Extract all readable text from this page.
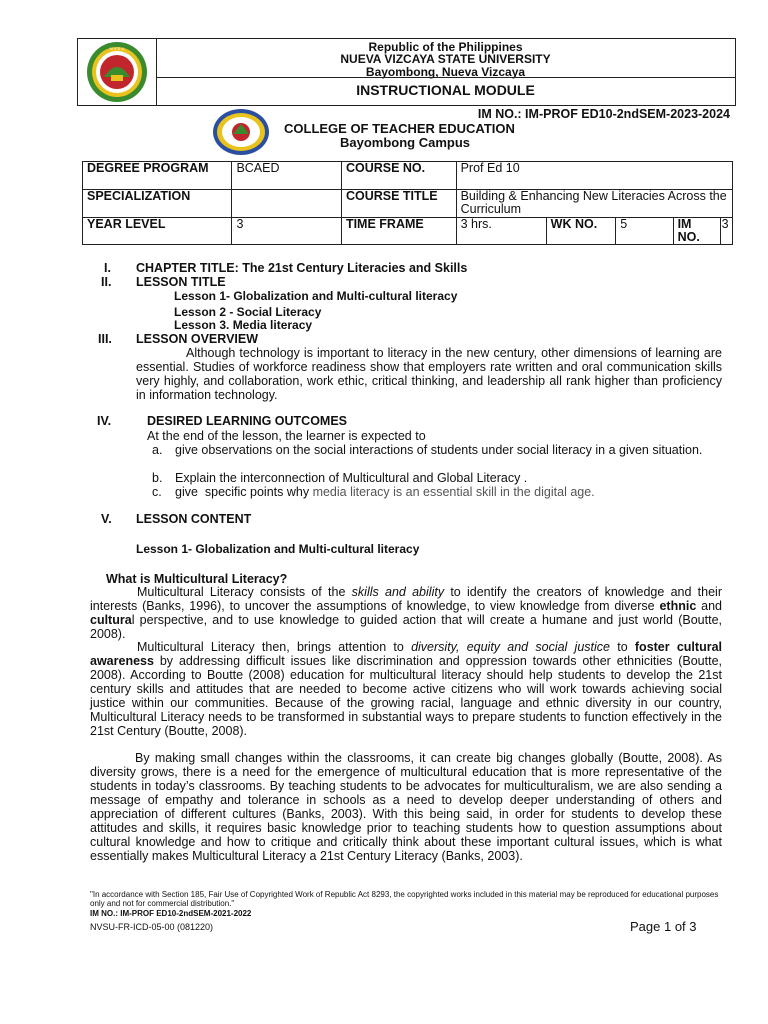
N V S U	Republic of the Philippines
NUEVA VIZCAYA STATE UNIVERSITY
Bayombong, Nueva Vizcaya
INSTRUCTIONAL MODULE
IM NO.: IM-PROF ED10-2ndSEM-2023-2024
COLLEGE OF TEACHER EDUCATION
Bayombong Campus
DEGREE PROGRAM	BCAED	COURSE NO.	Prof Ed 10				
SPECIALIZATION		COURSE TITLE	Building & Enhancing New Literacies Across the Curriculum				
YEAR LEVEL	3	TIME FRAME	3 hrs.	WK NO.	5	IM NO.	3
I. CHAPTER TITLE: The 21st Century Literacies and Skills
II. LESSON TITLE
Lesson 1- Globalization and Multi-cultural literacy
Lesson 2 - Social Literacy
Lesson 3. Media literacy
III. LESSON OVERVIEW
Although technology is important to literacy in the new century, other dimensions of learning are essential. Studies of workforce readiness show that employers rate written and oral communication skills very highly, and collaboration, work ethic, critical thinking, and leadership all rank higher than proficiency in information technology.
IV.	DESIRED LEARNING OUTCOMES
At the end of the lesson, the learner is expected to
a. give observations on the social interactions of students under social literacy in a given situation.
b. Explain the interconnection of Multicultural and Global Literacy .
c. give  specific points why media literacy is an essential skill in the digital age.
V. LESSON CONTENT
Lesson 1- Globalization and Multi-cultural literacy
What is Multicultural Literacy?
Multicultural Literacy consists of the skills and ability to identify the creators of knowledge and their interests (Banks, 1996), to uncover the assumptions of knowledge, to view knowledge from diverse ethnic and cultural perspective, and to use knowledge to guided action that will create a humane and just world (Boutte, 2008).
Multicultural Literacy then, brings attention to diversity, equity and social justice to foster cultural awareness by addressing difficult issues like discrimination and oppression towards other ethnicities (Boutte, 2008). According to Boutte (2008) education for multicultural literacy should help students to develop the 21st century skills and attitudes that are needed to become active citizens who will work towards achieving social justice within our communities. Because of the growing racial, language and ethnic diversity in our country, Multicultural Literacy needs to be transformed in substantial ways to prepare students to function effectively in the 21st Century (Boutte, 2008).
By making small changes within the classrooms, it can create big changes globally (Boutte, 2008). As diversity grows, there is a need for the emergence of multicultural education that is more representative of the students in today’s classrooms. By teaching students to be advocates for multiculturalism, we are also sending a message of empathy and tolerance in schools as a need to develop deeper understanding of others and appreciation of different cultures (Banks, 2003). With this being said, in order for students to develop these attitudes and skills, it requires basic knowledge prior to teaching students how to question assumptions about cultural knowledge and how to critique and critically think about these important cultural issues, which is what essentially makes Multicultural Literacy a 21st Century Literacy (Banks, 2003).
"In accordance with Section 185, Fair Use of Copyrighted Work of Republic Act 8293, the copyrighted works included in this material may be reproduced for educational purposes only and not for commercial distribution."
IM NO.: IM-PROF ED10-2ndSEM-2021-2022
NVSU-FR-ICD-05-00 (081220)	Page 1 of 3
